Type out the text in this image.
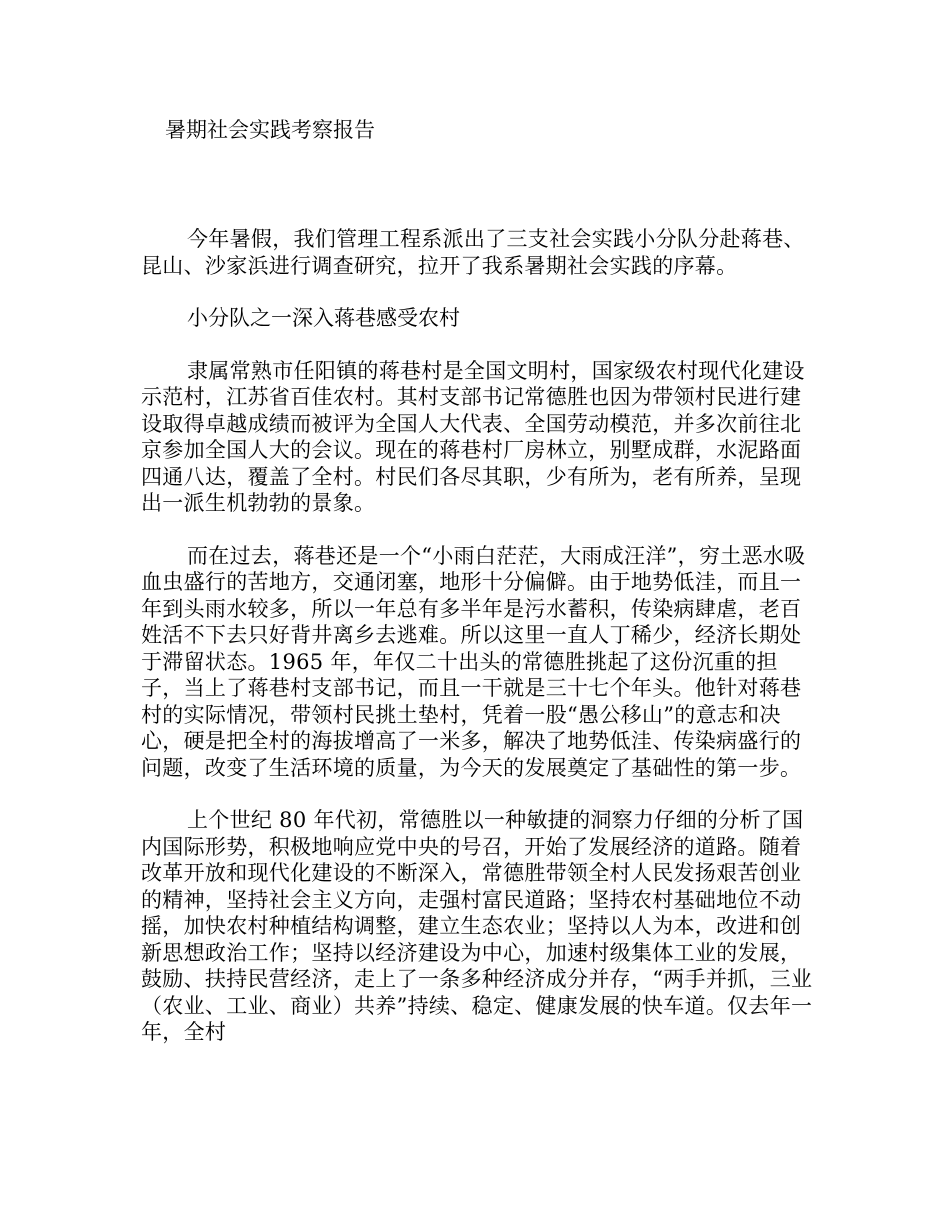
暑期社会实践考察报告

今年暑假，我们管理工程系派出了三支社会实践小分队分赴蒋巷、昆山、沙家浜进行调查研究，拉开了我系暑期社会实践的序幕。

小分队之一深入蒋巷感受农村

隶属常熟市任阳镇的蒋巷村是全国文明村，国家级农村现代化建设示范村，江苏省百佳农村。其村支部书记常德胜也因为带领村民进行建设取得卓越成绩而被评为全国人大代表、全国劳动模范，并多次前往北京参加全国人大的会议。现在的蒋巷村厂房林立，别墅成群，水泥路面四通八达，覆盖了全村。村民们各尽其职，少有所为，老有所养，呈现出一派生机勃勃的景象。

而在过去，蒋巷还是一个“小雨白茫茫，大雨成汪洋”，穷土恶水吸血虫盛行的苦地方，交通闭塞，地形十分偏僻。由于地势低洼，而且一年到头雨水较多，所以一年总有多半年是污水蓄积，传染病肆虐，老百姓活不下去只好背井离乡去逃难。所以这里一直人丁稀少，经济长期处于滞留状态。1965 年，年仅二十出头的常德胜挑起了这份沉重的担子，当上了蒋巷村支部书记，而且一干就是三十七个年头。他针对蒋巷村的实际情况，带领村民挑土垫村，凭着一股“愚公移山”的意志和决心，硬是把全村的海拔增高了一米多，解决了地势低洼、传染病盛行的问题，改变了生活环境的质量，为今天的发展奠定了基础性的第一步。

上个世纪 80 年代初，常德胜以一种敏捷的洞察力仔细的分析了国内国际形势，积极地响应党中央的号召，开始了发展经济的道路。随着改革开放和现代化建设的不断深入，常德胜带领全村人民发扬艰苦创业的精神，坚持社会主义方向，走强村富民道路；坚持农村基础地位不动摇，加快农村种植结构调整，建立生态农业；坚持以人为本，改进和创新思想政治工作；坚持以经济建设为中心，加速村级集体工业的发展，鼓励、扶持民营经济，走上了一条多种经济成分并存，“两手并抓，三业（农业、工业、商业）共养”持续、稳定、健康发展的快车道。仅去年一年，全村
